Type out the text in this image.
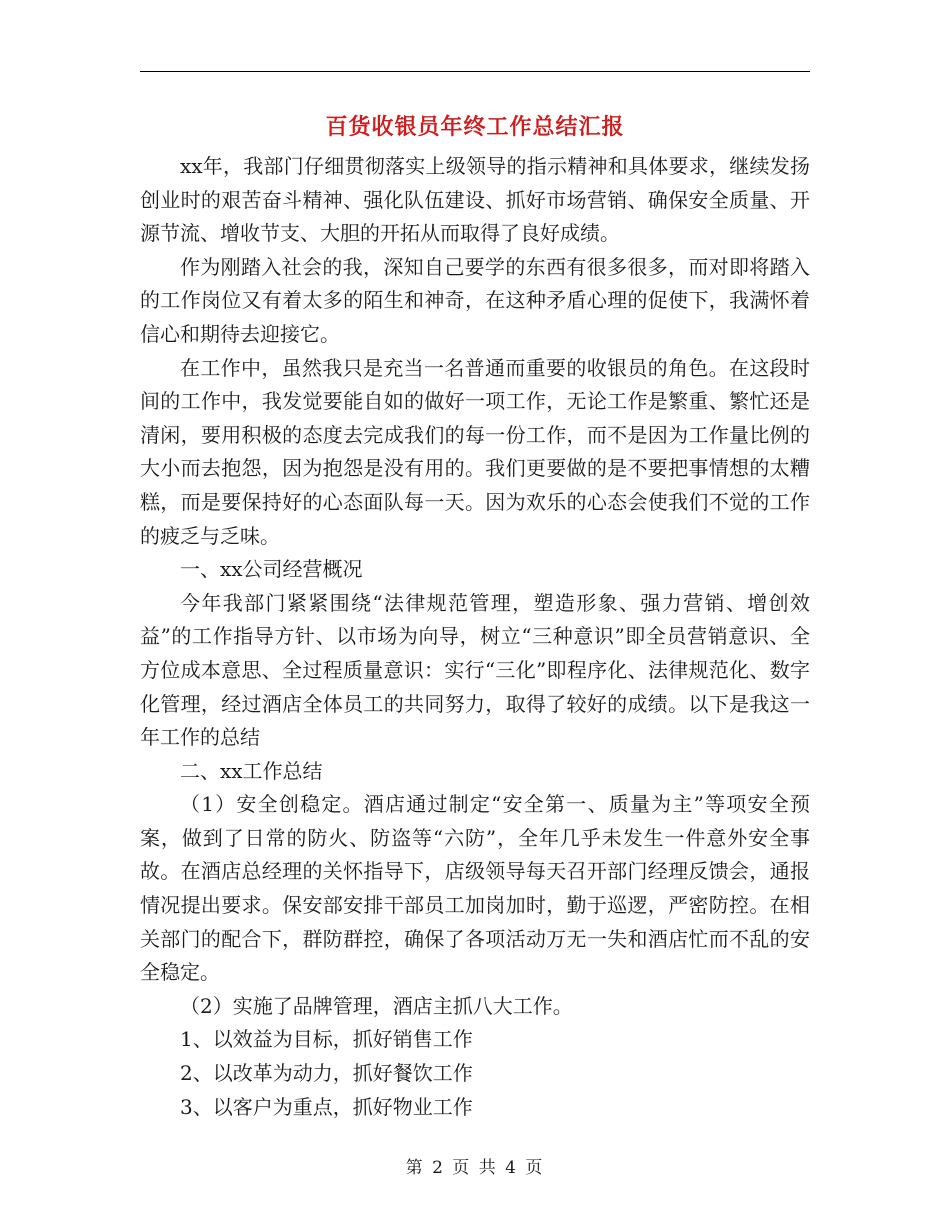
百货收银员年终工作总结汇报

xx年，我部门仔细贯彻落实上级领导的指示精神和具体要求，继续发扬创业时的艰苦奋斗精神、强化队伍建设、抓好市场营销、确保安全质量、开源节流、增收节支、大胆的开拓从而取得了良好成绩。

作为刚踏入社会的我，深知自己要学的东西有很多很多，而对即将踏入的工作岗位又有着太多的陌生和神奇，在这种矛盾心理的促使下，我满怀着信心和期待去迎接它。

在工作中，虽然我只是充当一名普通而重要的收银员的角色。在这段时间的工作中，我发觉要能自如的做好一项工作，无论工作是繁重、繁忙还是清闲，要用积极的态度去完成我们的每一份工作，而不是因为工作量比例的大小而去抱怨，因为抱怨是没有用的。我们更要做的是不要把事情想的太糟糕，而是要保持好的心态面队每一天。因为欢乐的心态会使我们不觉的工作的疲乏与乏味。

一、xx公司经营概况

今年我部门紧紧围绕“法律规范管理，塑造形象、强力营销、增创效益”的工作指导方针、以市场为向导，树立“三种意识”即全员营销意识、全方位成本意思、全过程质量意识：实行“三化”即程序化、法律规范化、数字化管理，经过酒店全体员工的共同努力，取得了较好的成绩。以下是我这一年工作的总结

二、xx工作总结

（1）安全创稳定。酒店通过制定“安全第一、质量为主”等项安全预案，做到了日常的防火、防盗等“六防”，全年几乎未发生一件意外安全事故。在酒店总经理的关怀指导下，店级领导每天召开部门经理反馈会，通报情况提出要求。保安部安排干部员工加岗加时，勤于巡逻，严密防控。在相关部门的配合下，群防群控，确保了各项活动万无一失和酒店忙而不乱的安全稳定。

（2）实施了品牌管理，酒店主抓八大工作。

1、以效益为目标，抓好销售工作

2、以改革为动力，抓好餐饮工作

3、以客户为重点，抓好物业工作

第 2 页 共 4 页
